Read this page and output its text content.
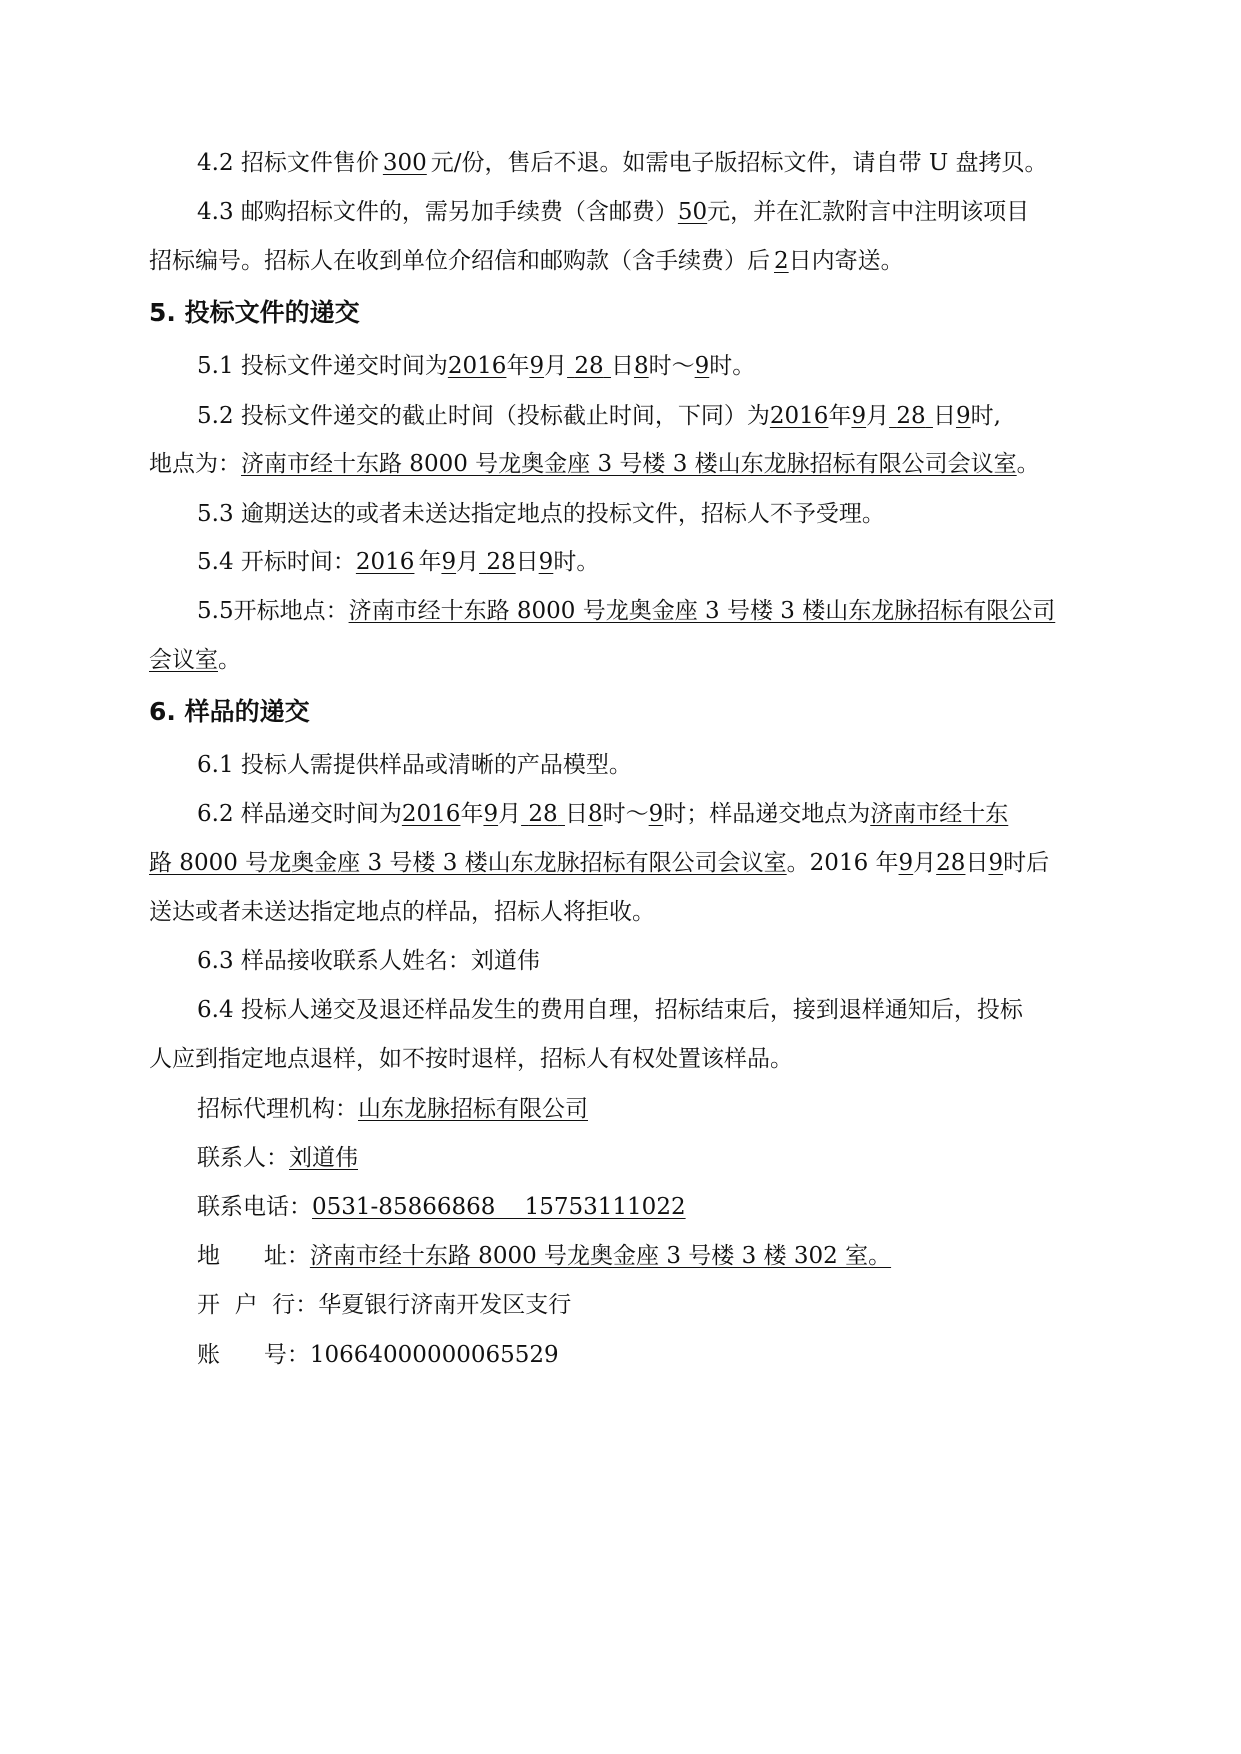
4.2 招标文件售价 300 元/份，售后不退。如需电子版招标文件，请自带 U 盘拷贝。
4.3 邮购招标文件的，需另加手续费（含邮费）50元，并在汇款附言中注明该项目
招标编号。招标人在收到单位介绍信和邮购款（含手续费）后 2日内寄送。
5. 投标文件的递交
5.1 投标文件递交时间为2016年9月 28 日8时～9时。
5.2 投标文件递交的截止时间（投标截止时间，下同）为2016年9月 28 日9时,
地点为：济南市经十东路 8000 号龙奥金座 3 号楼 3 楼山东龙脉招标有限公司会议室。
5.3 逾期送达的或者未送达指定地点的投标文件，招标人不予受理。
5.4 开标时间：2016 年9月 28日9时。
5.5开标地点：济南市经十东路 8000 号龙奥金座 3 号楼 3 楼山东龙脉招标有限公司
会议室。
6. 样品的递交
6.1 投标人需提供样品或清晰的产品模型。
6.2 样品递交时间为2016年9月 28 日8时～9时；样品递交地点为济南市经十东
路 8000 号龙奥金座 3 号楼 3 楼山东龙脉招标有限公司会议室。2016 年9月28日9时后
送达或者未送达指定地点的样品，招标人将拒收。
6.3 样品接收联系人姓名：刘道伟
6.4 投标人递交及退还样品发生的费用自理，招标结束后，接到退样通知后，投标
人应到指定地点退样，如不按时退样，招标人有权处置该样品。
招标代理机构：山东龙脉招标有限公司
联系人：刘道伟
联系电话：0531-85866868    15753111022
地      址：济南市经十东路 8000 号龙奥金座 3 号楼 3 楼 302 室。
开  户  行：华夏银行济南开发区支行
账      号：10664000000065529
